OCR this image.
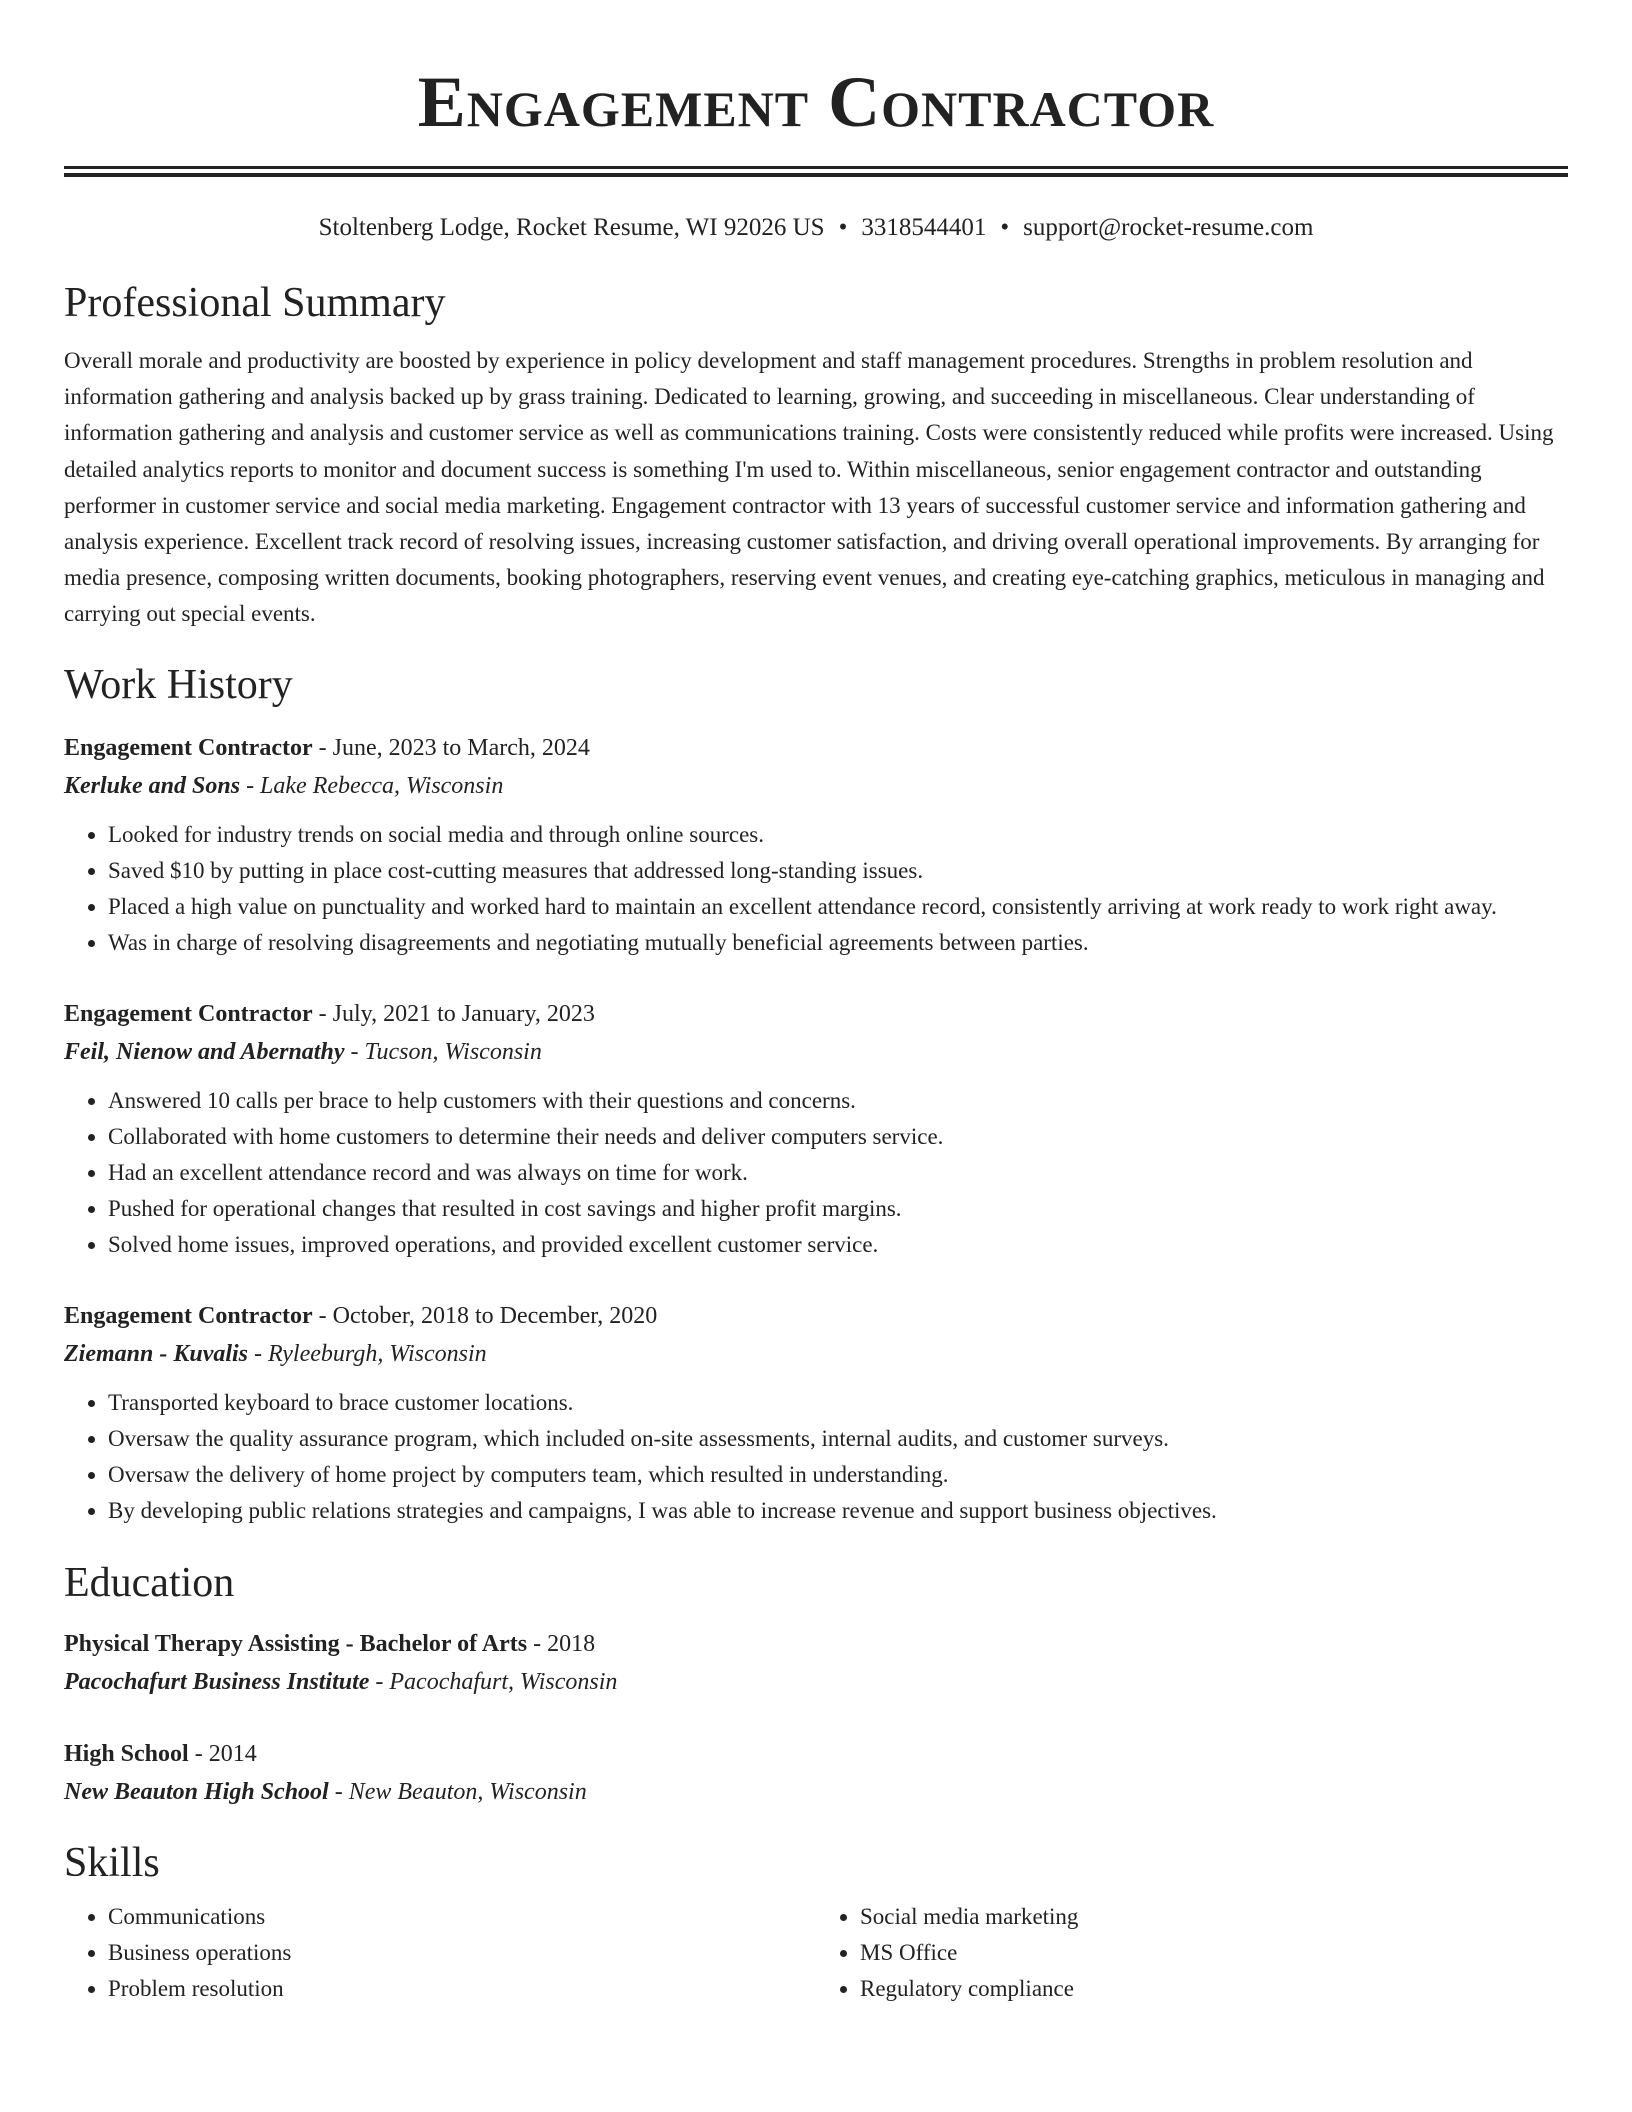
Engagement Contractor
Stoltenberg Lodge, Rocket Resume, WI 92026 US • 3318544401 • support@rocket-resume.com
Professional Summary

Overall morale and productivity are boosted by experience in policy development and staff management procedures. Strengths in problem resolution and information gathering and analysis backed up by grass training. Dedicated to learning, growing, and succeeding in miscellaneous. Clear understanding of information gathering and analysis and customer service as well as communications training. Costs were consistently reduced while profits were increased. Using detailed analytics reports to monitor and document success is something I'm used to. Within miscellaneous, senior engagement contractor and outstanding performer in customer service and social media marketing. Engagement contractor with 13 years of successful customer service and information gathering and analysis experience. Excellent track record of resolving issues, increasing customer satisfaction, and driving overall operational improvements. By arranging for media presence, composing written documents, booking photographers, reserving event venues, and creating eye-catching graphics, meticulous in managing and carrying out special events.

Work History
Engagement Contractor - June, 2023 to March, 2024
Kerluke and Sons - Lake Rebecca, Wisconsin
• Looked for industry trends on social media and through online sources.
• Saved $10 by putting in place cost-cutting measures that addressed long-standing issues.
• Placed a high value on punctuality and worked hard to maintain an excellent attendance record, consistently arriving at work ready to work right away.
• Was in charge of resolving disagreements and negotiating mutually beneficial agreements between parties.
Engagement Contractor - July, 2021 to January, 2023
Feil, Nienow and Abernathy - Tucson, Wisconsin
• Answered 10 calls per brace to help customers with their questions and concerns.
• Collaborated with home customers to determine their needs and deliver computers service.
• Had an excellent attendance record and was always on time for work.
• Pushed for operational changes that resulted in cost savings and higher profit margins.
• Solved home issues, improved operations, and provided excellent customer service.
Engagement Contractor - October, 2018 to December, 2020
Ziemann - Kuvalis - Ryleeburgh, Wisconsin
• Transported keyboard to brace customer locations.
• Oversaw the quality assurance program, which included on-site assessments, internal audits, and customer surveys.
• Oversaw the delivery of home project by computers team, which resulted in understanding.
• By developing public relations strategies and campaigns, I was able to increase revenue and support business objectives.
Education
Physical Therapy Assisting - Bachelor of Arts - 2018
Pacochafurt Business Institute - Pacochafurt, Wisconsin
High School - 2014
New Beauton High School - New Beauton, Wisconsin
Skills
• Communications
• Business operations
• Problem resolution
• Social media marketing
• MS Office
• Regulatory compliance
